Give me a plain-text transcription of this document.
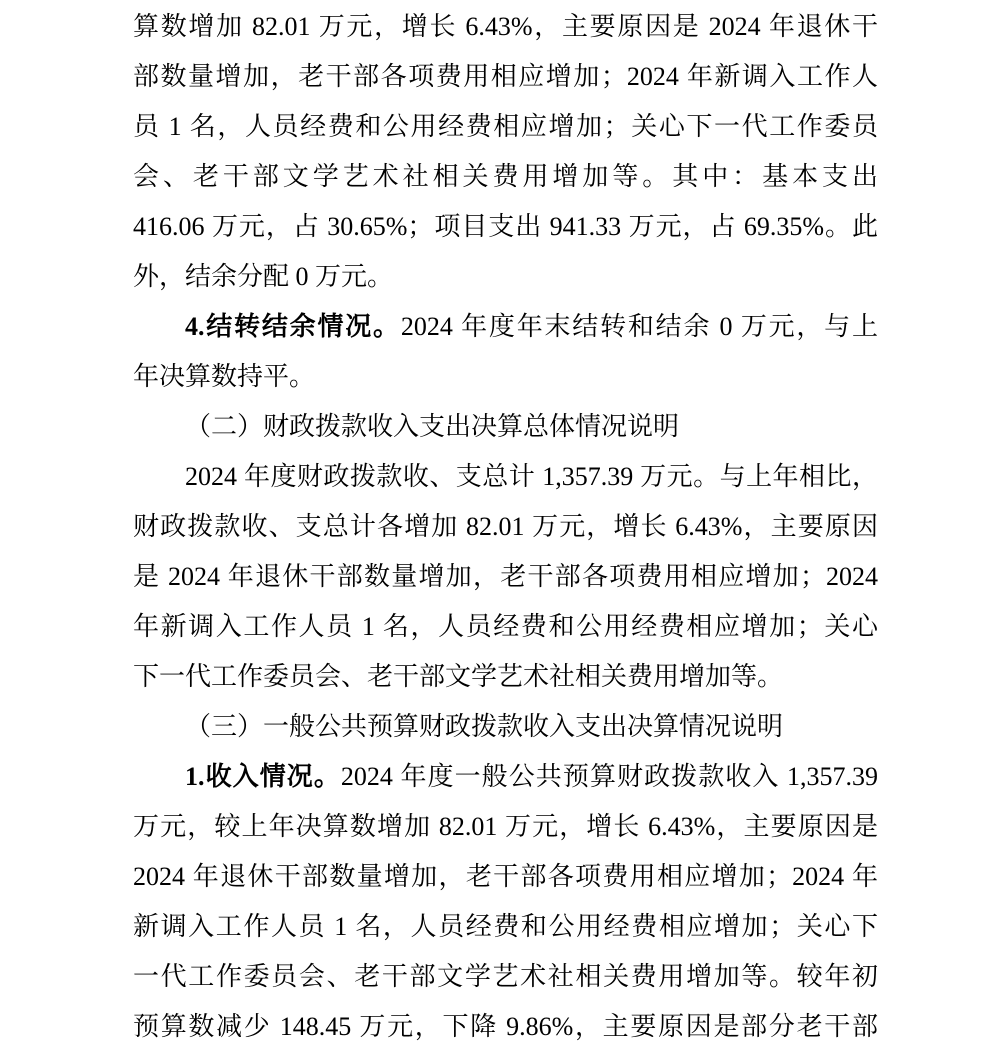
算数增加 82.01 万元，增长 6.43%，主要原因是 2024 年退休干
部数量增加，老干部各项费用相应增加；2024 年新调入工作人
员 1 名，人员经费和公用经费相应增加；关心下一代工作委员
会、老干部文学艺术社相关费用增加等。其中：基本支出
416.06 万元，占 30.65%；项目支出 941.33 万元，占 69.35%。此
外，结余分配 0 万元。
4.结转结余情况。2024 年度年末结转和结余 0 万元，与上
年决算数持平。
（二）财政拨款收入支出决算总体情况说明
2024 年度财政拨款收、支总计 1,357.39 万元。与上年相比，
财政拨款收、支总计各增加 82.01 万元，增长 6.43%，主要原因
是 2024 年退休干部数量增加，老干部各项费用相应增加；2024
年新调入工作人员 1 名，人员经费和公用经费相应增加；关心
下一代工作委员会、老干部文学艺术社相关费用增加等。
（三）一般公共预算财政拨款收入支出决算情况说明
1.收入情况。2024 年度一般公共预算财政拨款收入 1,357.39
万元，较上年决算数增加 82.01 万元，增长 6.43%，主要原因是
2024 年退休干部数量增加，老干部各项费用相应增加；2024 年
新调入工作人员 1 名，人员经费和公用经费相应增加；关心下
一代工作委员会、老干部文学艺术社相关费用增加等。较年初
预算数减少 148.45 万元，下降 9.86%，主要原因是部分老干部
